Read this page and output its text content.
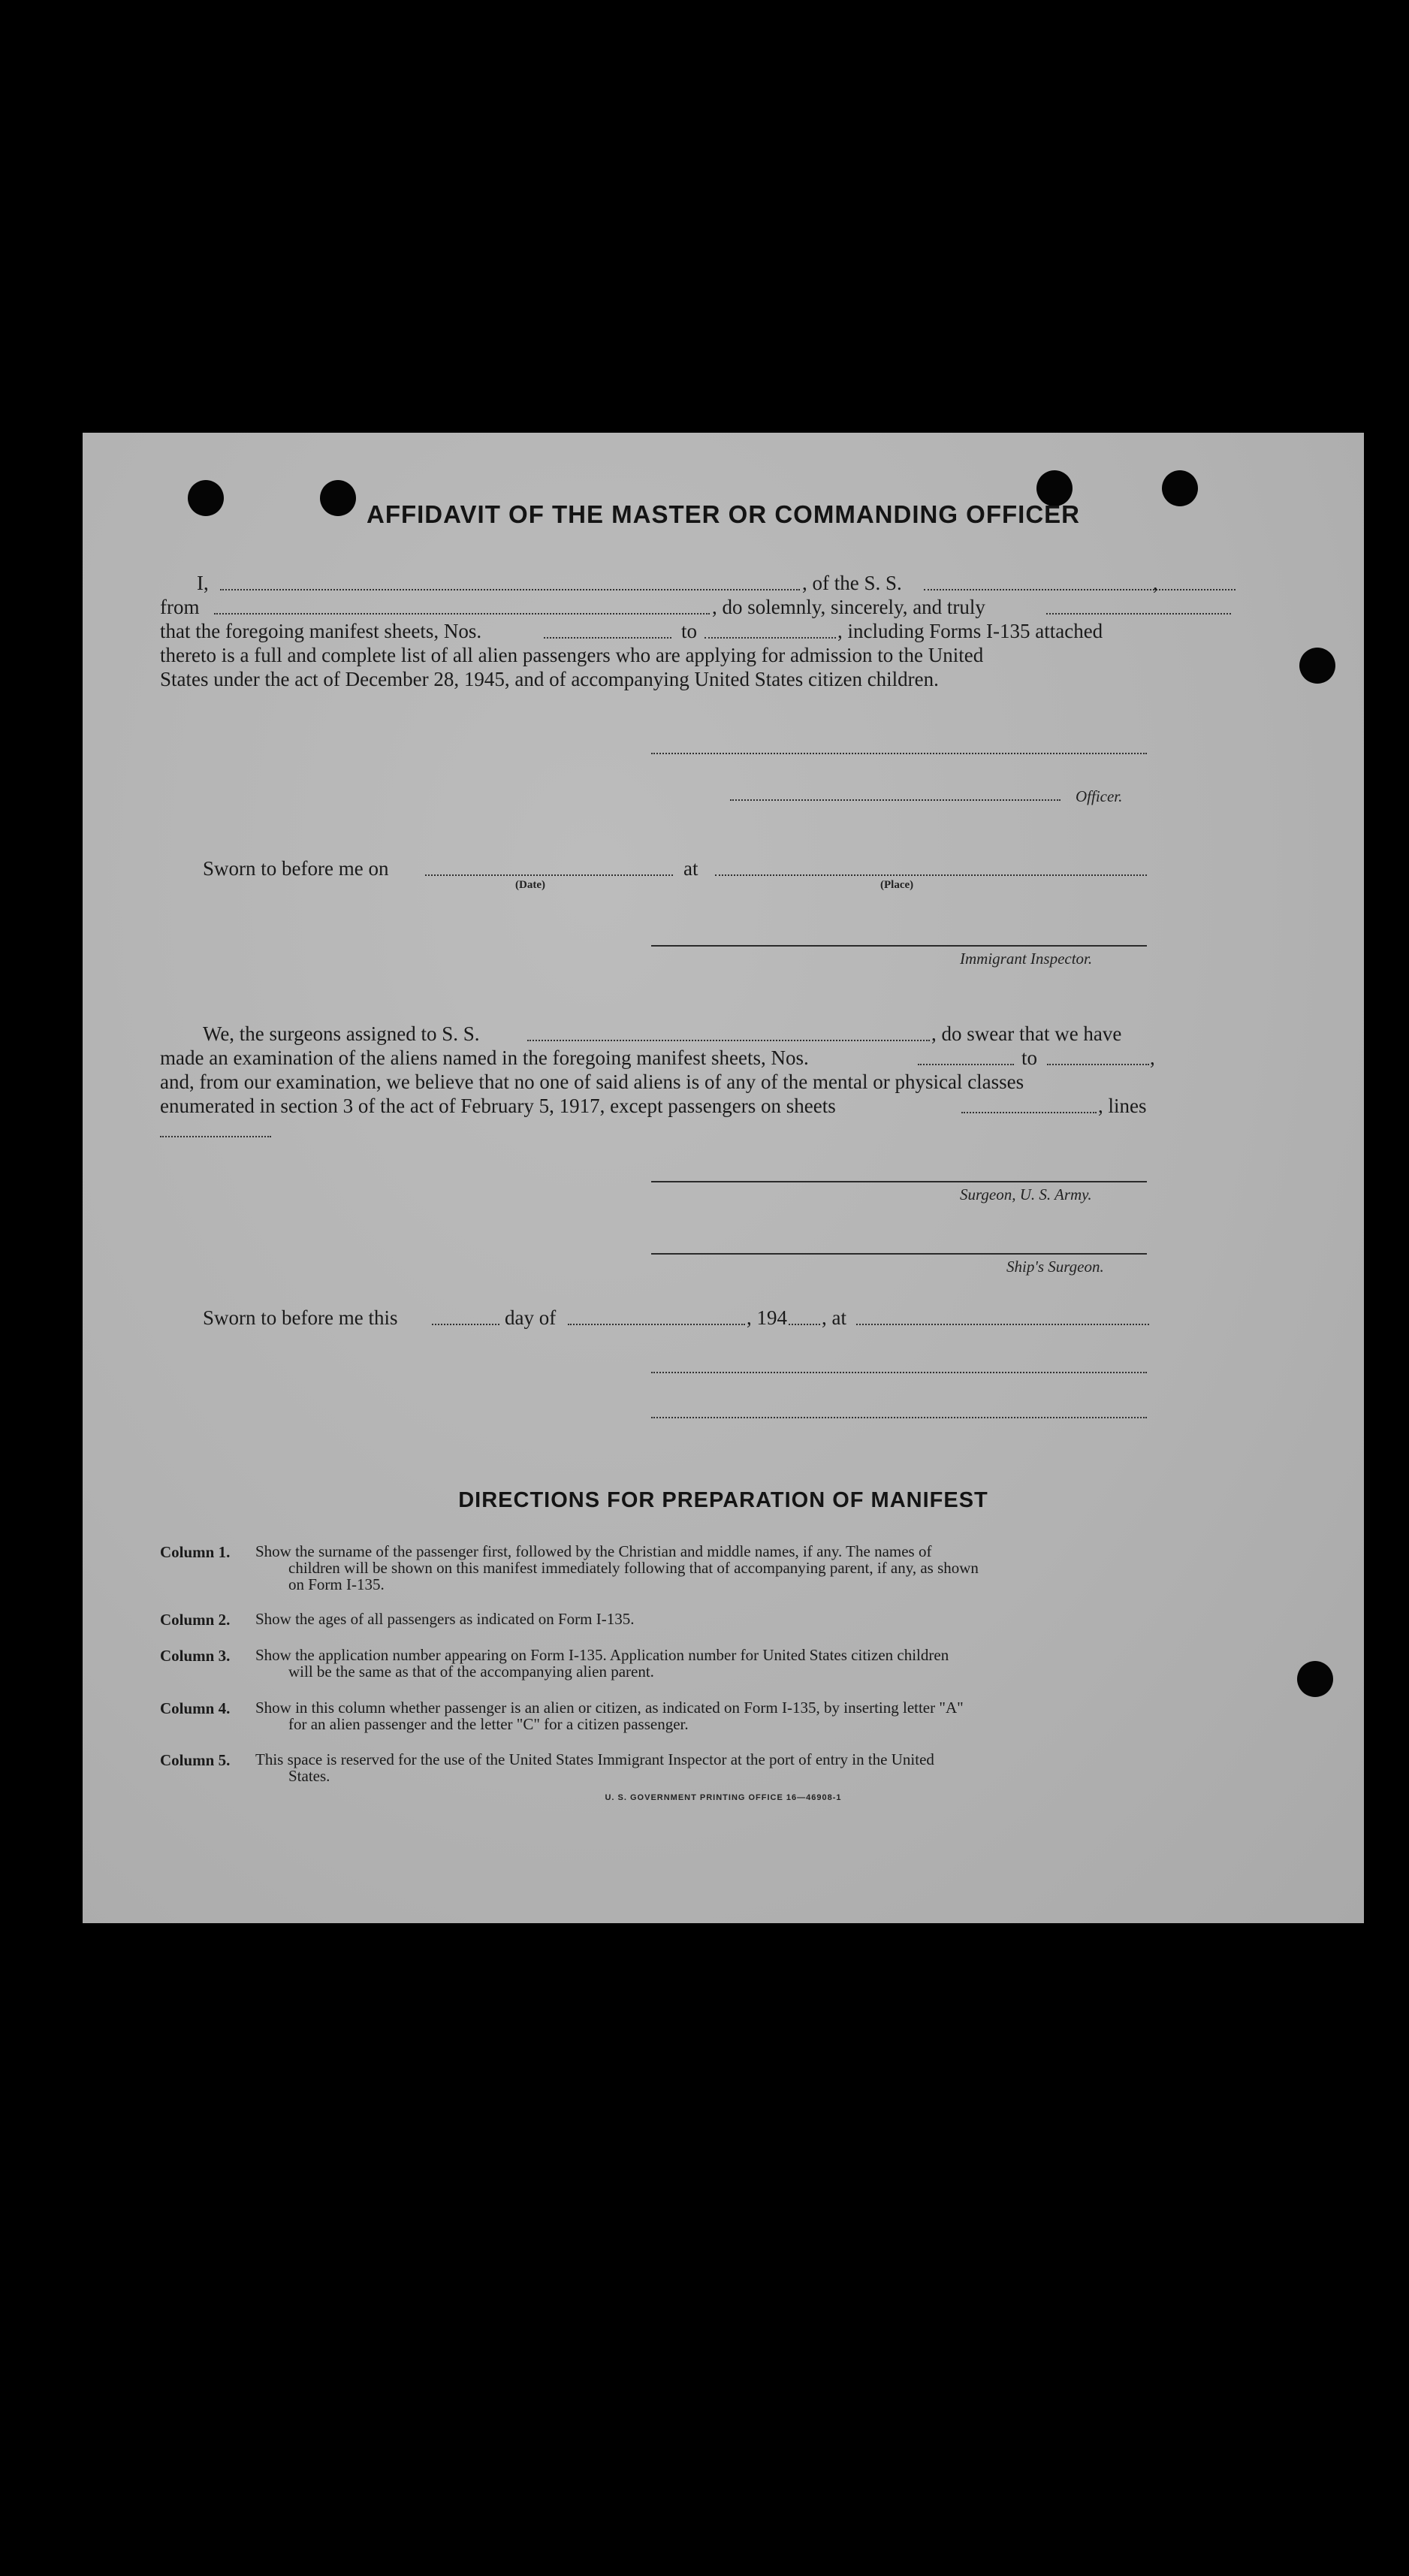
AFFIDAVIT OF THE MASTER OR COMMANDING OFFICER
I,	, of the S. S.	,
from	, do solemnly, sincerely, and truly
that the foregoing manifest sheets, Nos.	to	, including Forms I-135 attached
thereto is a full and complete list of all alien passengers who are applying for admission to the United
States under the act of December 28, 1945, and of accompanying United States citizen children.
Officer.
Sworn to before me on	at
(Date)	(Place)
Immigrant Inspector.
We, the surgeons assigned to S. S.	, do swear that we have
made an examination of the aliens named in the foregoing manifest sheets, Nos.	to	,
and, from our examination, we believe that no one of said aliens is of any of the mental or physical classes
enumerated in section 3 of the act of February 5, 1917, except passengers on sheets	, lines
Surgeon, U. S. Army.
Ship's Surgeon.
Sworn to before me this	day of	, 194 , at
DIRECTIONS FOR PREPARATION OF MANIFEST
Column 1. Show the surname of the passenger first, followed by the Christian and middle names, if any. The names of
children will be shown on this manifest immediately following that of accompanying parent, if any, as shown
on Form I-135.
Column 2. Show the ages of all passengers as indicated on Form I-135.
Column 3. Show the application number appearing on Form I-135. Application number for United States citizen children
will be the same as that of the accompanying alien parent.
Column 4. Show in this column whether passenger is an alien or citizen, as indicated on Form I-135, by inserting letter "A"
for an alien passenger and the letter "C" for a citizen passenger.
Column 5. This space is reserved for the use of the United States Immigrant Inspector at the port of entry in the United
States.
U. S. GOVERNMENT PRINTING OFFICE 16—46908-1
